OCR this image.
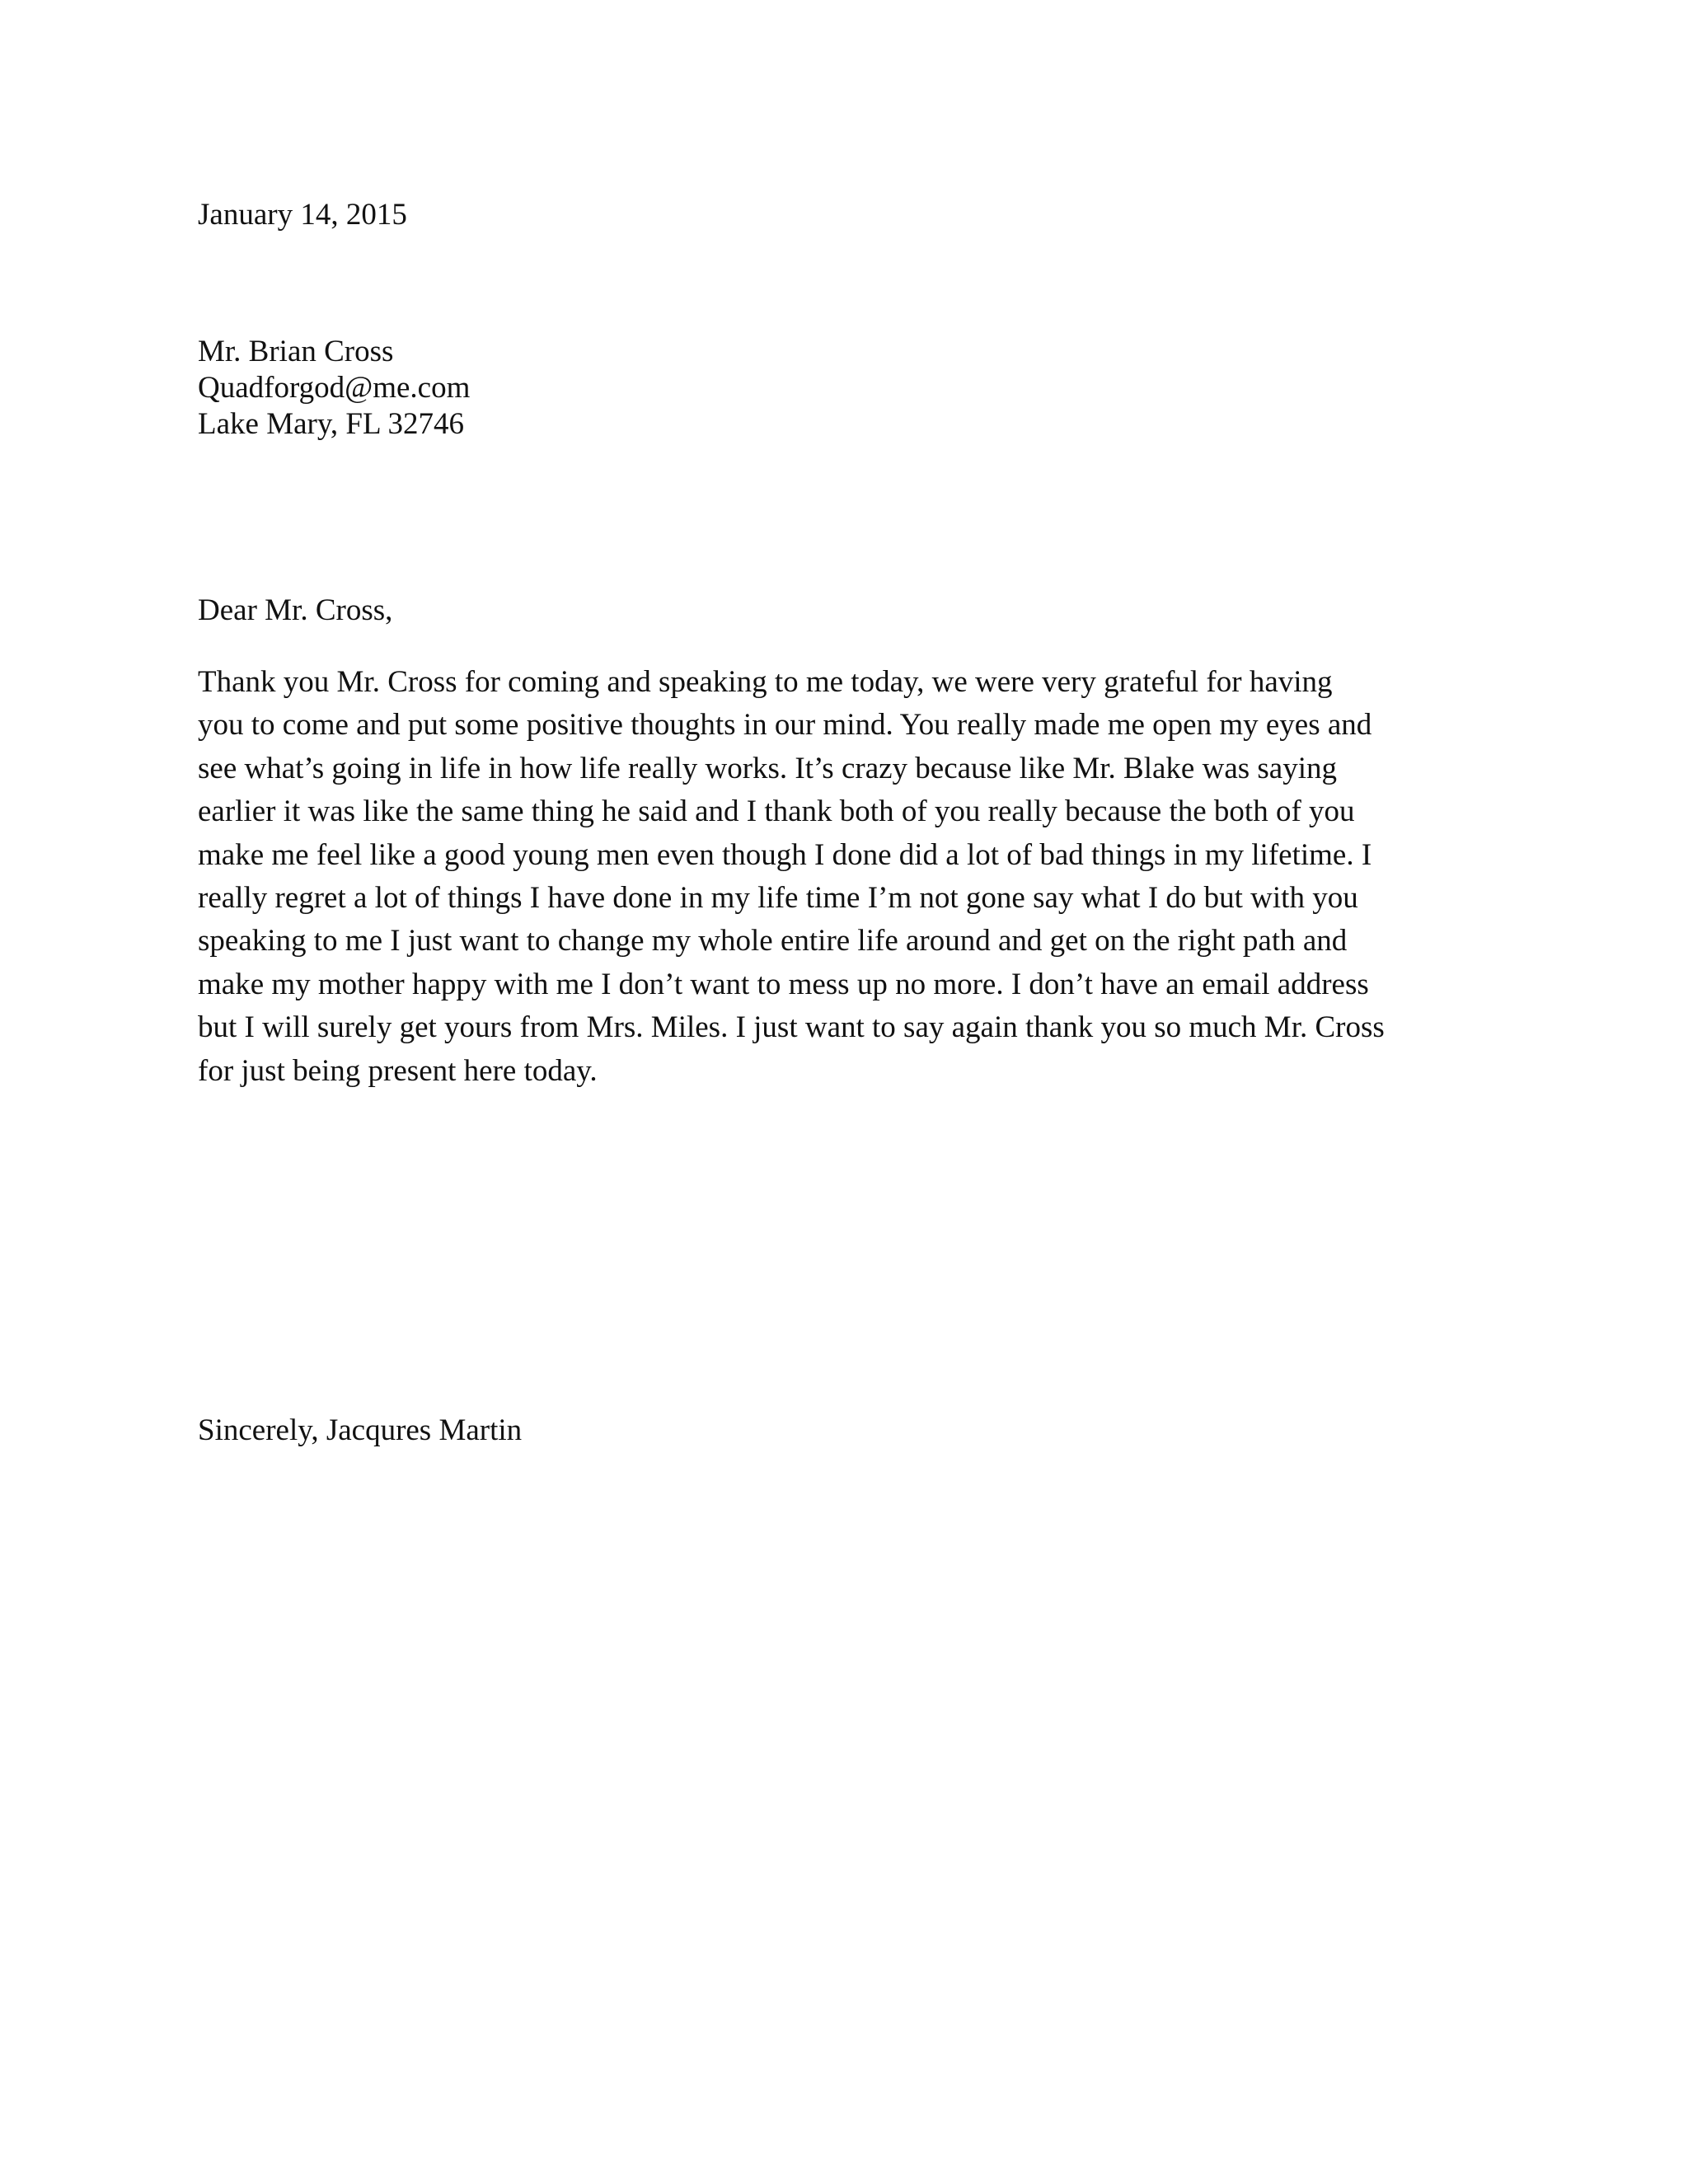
January 14, 2015
Mr. Brian Cross
Quadforgod@me.com
Lake Mary, FL 32746
Dear Mr. Cross,
Thank you Mr. Cross for coming and speaking to me today, we were very grateful for having
you to come and put some positive thoughts in our mind. You really made me open my eyes and
see what’s going in life in how life really works. It’s crazy because like Mr. Blake was saying
earlier it was like the same thing he said and I thank both of you really because the both of you
make me feel like a good young men even though I done did a lot of bad things in my lifetime. I
really regret a lot of things I have done in my life time I’m not gone say what I do but with you
speaking to me I just want to change my whole entire life around and get on the right path and
make my mother happy with me I don’t want to mess up no more. I don’t have an email address
but I will surely get yours from Mrs. Miles. I just want to say again thank you so much Mr. Cross
for just being present here today.
Sincerely, Jacqures Martin
